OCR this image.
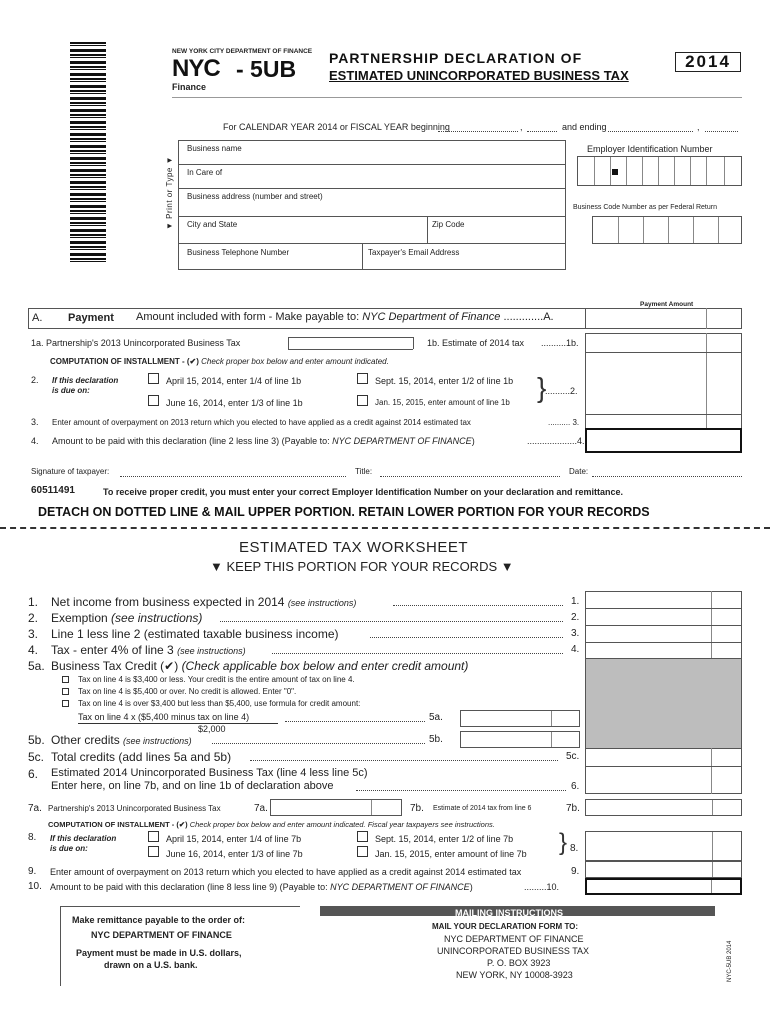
NEW YORK CITY DEPARTMENT OF FINANCE
NYC - 5UB
Finance
PARTNERSHIP DECLARATION OF
ESTIMATED UNINCORPORATED BUSINESS TAX
2014
For CALENDAR YEAR 2014 or FISCAL YEAR beginning	,	and ending	,
▼ Print or Type ▼
Business name
In Care of
Business address (number and street)
City and State	Zip Code
Business Telephone Number	Taxpayer's Email Address
Employer Identification Number
Business Code Number as per Federal Return
Payment Amount
A. Payment Amount included with form - Make payable to: NYC Department of Finance .............A.
1a. Partnership's 2013 Unincorporated Business Tax	1b. Estimate of 2014 tax ..........1b.
COMPUTATION OF INSTALLMENT - (✔) Check proper box below and enter amount indicated.
2. If this declaration
is due on:
April 15, 2014, enter 1/4 of line 1b	Sept. 15, 2014, enter 1/2 of line 1b
June 16, 2014, enter 1/3 of line 1b	Jan. 15, 2015, enter amount of line 1b }
..........2.
3. Enter amount of overpayment on 2013 return which you elected to have applied as a credit against 2014 estimated tax	.......... 3.
4. Amount to be paid with this declaration (line 2 less line 3) (Payable to: NYC DEPARTMENT OF FINANCE)	....................4.
Signature of taxpayer:	Title:	Date:
60511491	To receive proper credit, you must enter your correct Employer Identification Number on your declaration and remittance.
DETACH ON DOTTED LINE & MAIL UPPER PORTION. RETAIN LOWER PORTION FOR YOUR RECORDS
ESTIMATED TAX WORKSHEET
▼ KEEP THIS PORTION FOR YOUR RECORDS ▼
1. Net income from business expected in 2014 (see instructions)	1.
2. Exemption (see instructions)	2.
3. Line 1 less line 2 (estimated taxable business income)	3.
4. Tax - enter 4% of line 3 (see instructions)	4.
5a. Business Tax Credit (✔) (Check applicable box below and enter credit amount)
Tax on line 4 is $3,400 or less. Your credit is the entire amount of tax on line 4.
Tax on line 4 is $5,400 or over. No credit is allowed. Enter "0".
Tax on line 4 is over $3,400 but less than $5,400, use formula for credit amount:
Tax on line 4 x ($5,400 minus tax on line 4)	5a.
$2,000
5b. Other credits (see instructions)	5b.
5c. Total credits (add lines 5a and 5b)	5c.
6. Estimated 2014 Unincorporated Business Tax (line 4 less line 5c)
Enter here, on line 7b, and on line 1b of declaration above	6.
7a. Partnership's 2013 Unincorporated Business Tax	7a.	7b. Estimate of 2014 tax from line 6	7b.
COMPUTATION OF INSTALLMENT - (✔) Check proper box below and enter amount indicated. Fiscal year taxpayers see instructions.
8. If this declaration
is due on:
April 15, 2014, enter 1/4 of line 7b	Sept. 15, 2014, enter 1/2 of line 7b
June 16, 2014, enter 1/3 of line 7b	Jan. 15, 2015, enter amount of line 7b } 8.
9. Enter amount of overpayment on 2013 return which you elected to have applied as a credit against 2014 estimated tax	9.
10. Amount to be paid with this declaration (line 8 less line 9) (Payable to: NYC DEPARTMENT OF FINANCE)	.........10.
Make remittance payable to the order of:
NYC DEPARTMENT OF FINANCE
Payment must be made in U.S. dollars,
drawn on a U.S. bank.
MAILING INSTRUCTIONS
MAIL YOUR DECLARATION FORM TO:
NYC DEPARTMENT OF FINANCE
UNINCORPORATED BUSINESS TAX
P. O. BOX 3923
NEW YORK, NY 10008-3923	NYC-5UB 2014
